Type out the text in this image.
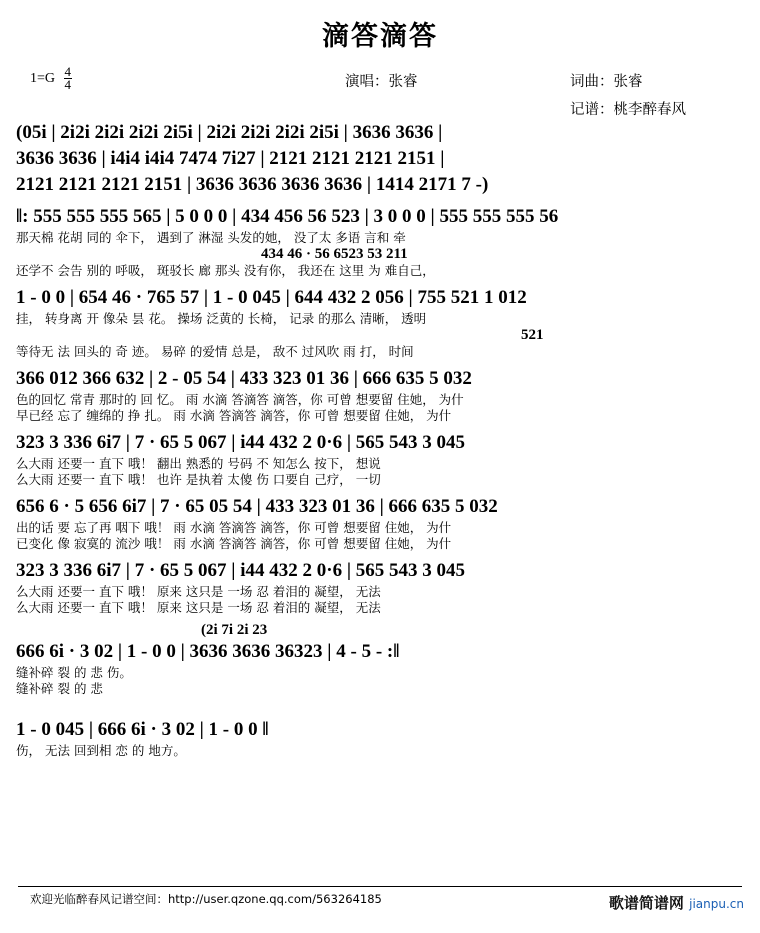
滴答滴答
$1=G \frac{4}{4}$	演唱：张睿	词曲：张睿
记谱：桃李醉春风
(05i | 2i2i 2i2i 2i2i 2i5i | 2i2i 2i2i 2i2i 2i5i | 3636 3636 |
3636 3636 | i4i4 i4i4 7474 7i27 | 2121 2121 2121 2151 |
2121 2121 2121 2151 | 3636 3636 3636 3636 | 1414 2171 7 -)
‖: 555 555 555 565 | 5 0 0 0 | 434 456 56 523 | 3 0 0 0 | 555 555 555 56
那天棉 花胡 同的 伞下， 遇到了 淋湿 头发的她， 没了太 多语 言和 牵
434 46 · 56 6523 53 211
还学不 会告 别的 呼吸， 斑驳长 廊 那头 没有你， 我还在 这里 为 难自己，
1 - 0 0 | 654 46 · 765 57 | 1 - 0 045 | 644 432 2 056 | 755 521 1 012
挂， 转身离 开 像朵 昙 花。 操场 泛黄的 长椅， 记录 的那么 清晰， 透明
521
等待无 法 回头的 奇 迹。 易碎 的爱情 总是， 敌不 过风吹 雨 打， 时间
366 012 366 632 | 2 - 05 54 | 433 323 01 36 | 666 635 5 032
色的回忆 常青 那时的 回 忆。 雨 水滴 答滴答 滴答，你 可曾 想要留 住她， 为什
早已经 忘了 缠绵的 挣 扎。 雨 水滴 答滴答 滴答，你 可曾 想要留 住她， 为什
323 3 336 6i7 | 7 · 65 5 067 | i44 432 2 0·6 | 565 543 3 045
么大雨 还要一 直下 哦！ 翻出 熟悉的 号码 不 知怎么 按下， 想说
么大雨 还要一 直下 哦！ 也许 是执着 太傻 伤 口要自 己疗， 一切
656 6 · 5 656 6i7 | 7 · 65 05 54 | 433 323 01 36 | 666 635 5 032
出的话 要 忘了再 咽下 哦！ 雨 水滴 答滴答 滴答，你 可曾 想要留 住她， 为什
已变化 像 寂寞的 流沙 哦！ 雨 水滴 答滴答 滴答，你 可曾 想要留 住她， 为什
323 3 336 6i7 | 7 · 65 5 067 | i44 432 2 0·6 | 565 543 3 045
么大雨 还要一 直下 哦！ 原来 这只是 一场 忍 着泪的 凝望， 无法
么大雨 还要一 直下 哦！ 原来 这只是 一场 忍 着泪的 凝望， 无法
(2i 7i 2i 23
666 6i · 3 02 | 1 - 0 0 | 3636 3636 36323 | 4 - 5 - :‖
缝补碎 裂 的 悲 伤。
缝补碎 裂 的 悲
1 - 0 045 | 666 6i · 3 02 | 1 - 0 0 ‖
伤， 无法 回到相 恋 的 地方。
欢迎光临醉春风记谱空间：http://user.qzone.qq.com/563264185	歌谱简谱网 jianpu.cn
